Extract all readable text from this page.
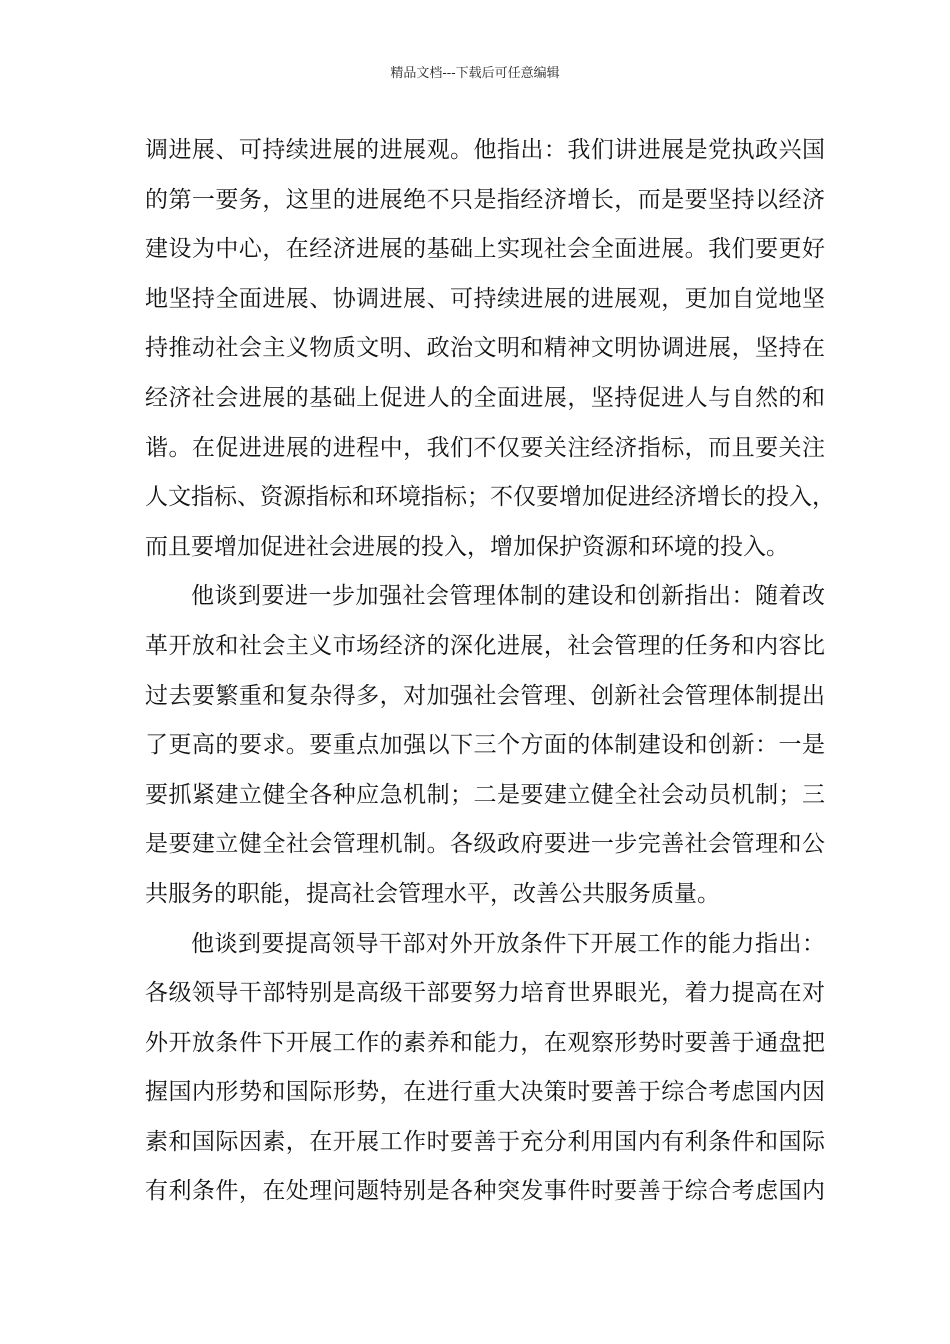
精品文档---下载后可任意编辑
调进展、可持续进展的进展观。他指出：我们讲进展是党执政兴国
的第一要务，这里的进展绝不只是指经济增长，而是要坚持以经济
建设为中心，在经济进展的基础上实现社会全面进展。我们要更好
地坚持全面进展、协调进展、可持续进展的进展观，更加自觉地坚
持推动社会主义物质文明、政治文明和精神文明协调进展，坚持在
经济社会进展的基础上促进人的全面进展，坚持促进人与自然的和
谐。在促进进展的进程中，我们不仅要关注经济指标，而且要关注
人文指标、资源指标和环境指标；不仅要增加促进经济增长的投入，
而且要增加促进社会进展的投入，增加保护资源和环境的投入。
他谈到要进一步加强社会管理体制的建设和创新指出：随着改
革开放和社会主义市场经济的深化进展，社会管理的任务和内容比
过去要繁重和复杂得多，对加强社会管理、创新社会管理体制提出
了更高的要求。要重点加强以下三个方面的体制建设和创新：一是
要抓紧建立健全各种应急机制；二是要建立健全社会动员机制；三
是要建立健全社会管理机制。各级政府要进一步完善社会管理和公
共服务的职能，提高社会管理水平，改善公共服务质量。
他谈到要提高领导干部对外开放条件下开展工作的能力指出：
各级领导干部特别是高级干部要努力培育世界眼光，着力提高在对
外开放条件下开展工作的素养和能力，在观察形势时要善于通盘把
握国内形势和国际形势，在进行重大决策时要善于综合考虑国内因
素和国际因素，在开展工作时要善于充分利用国内有利条件和国际
有利条件，在处理问题特别是各种突发事件时要善于综合考虑国内
